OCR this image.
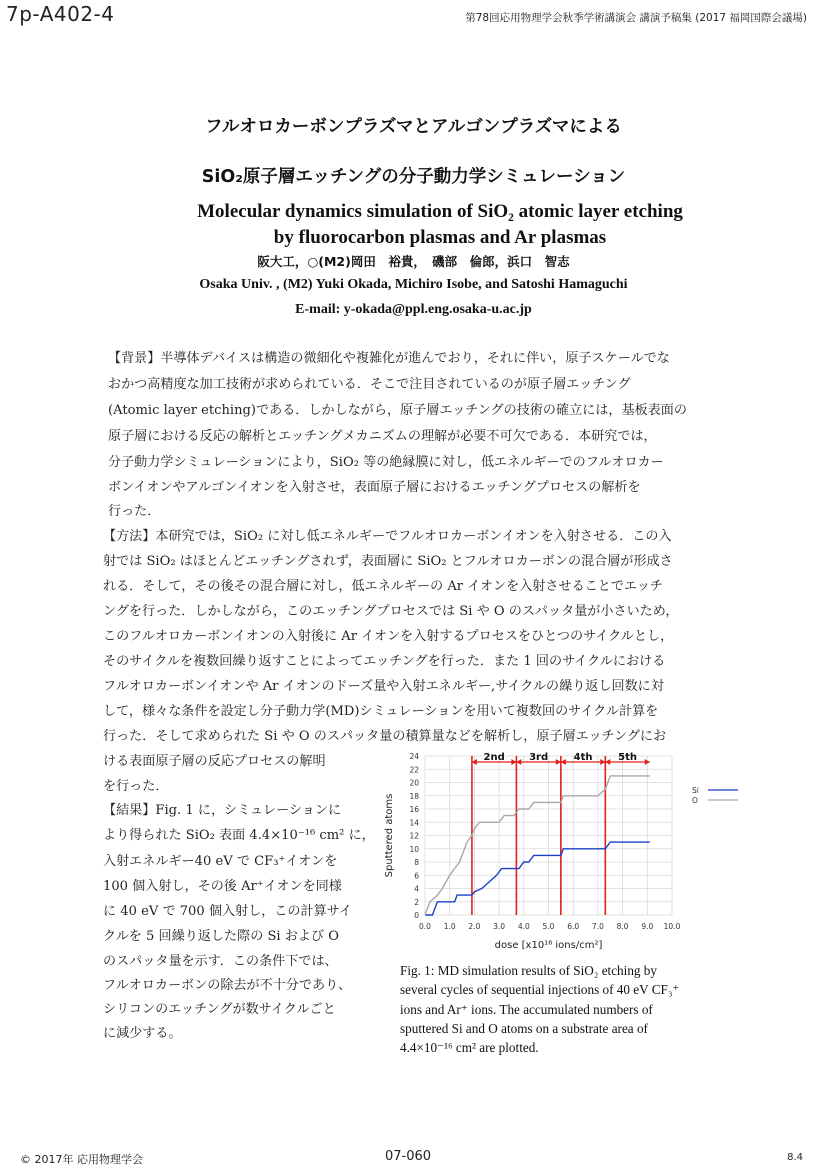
7p-A402-4	第78回応用物理学会秋季学術講演会 講演予稿集 (2017 福岡国際会議場)
フルオロカーボンプラズマとアルゴンプラズマによる
SiO₂原子層エッチングの分子動力学シミュレーション
Molecular dynamics simulation of SiO₂ atomic layer etching
by fluorocarbon plasmas and Ar plasmas
阪大工，○(M2)岡田　裕貴，　磯部　倫郎，浜口　智志
Osaka Univ. , (M2) Yuki Okada, Michiro Isobe, and Satoshi Hamaguchi
E-mail: y-okada@ppl.eng.osaka-u.ac.jp
【背景】半導体デバイスは構造の微細化や複雑化が進んでおり，それに伴い，原子スケールでな
おかつ高精度な加工技術が求められている．そこで注目されているのが原子層エッチング
(Atomic layer etching)である．しかしながら，原子層エッチングの技術の確立には，基板表面の
原子層における反応の解析とエッチングメカニズムの理解が必要不可欠である．本研究では，
分子動力学シミュレーションにより，SiO₂ 等の絶縁膜に対し，低エネルギーでのフルオロカー
ボンイオンやアルゴンイオンを入射させ，表面原子層におけるエッチングプロセスの解析を
行った．
【方法】本研究では，SiO₂ に対し低エネルギーでフルオロカーボンイオンを入射させる．この入
射では SiO₂ はほとんどエッチングされず，表面層に SiO₂ とフルオロカーボンの混合層が形成さ
れる．そして，その後その混合層に対し，低エネルギーの Ar イオンを入射させることでエッチ
ングを行った．しかしながら，このエッチングプロセスでは Si や O のスパッタ量が小さいため，
このフルオロカーボンイオンの入射後に Ar イオンを入射するプロセスをひとつのサイクルとし，
そのサイクルを複数回繰り返すことによってエッチングを行った．また 1 回のサイクルにおける
フルオロカーボンイオンや Ar イオンのドーズ量や入射エネルギー,サイクルの繰り返し回数に対
して，様々な条件を設定し分子動力学(MD)シミュレーションを用いて複数回のサイクル計算を
行った．そして求められた Si や O のスパッタ量の積算量などを解析し，原子層エッチングにお
ける表面原子層の反応プロセスの解明
を行った．
【結果】Fig. 1 に，シミュレーションに
より得られた SiO₂ 表面 4.4×10⁻¹⁶ cm² に，
入射エネルギー40 eV で CF₃⁺イオンを
100 個入射し，その後 Ar⁺イオンを同様
に 40 eV で 700 個入射し，この計算サイ
クルを 5 回繰り返した際の Si および O
のスパッタ量を示す．この条件下では、
フルオロカーボンの除去が不十分であり、
シリコンのエッチングが数サイクルごと
に減少する。
0
2
4
6
8
10
12
14
16
18
20
22
24
0.0 1.0 2.0 3.0 4.0 5.0 6.0 7.0 8.0 9.0 10.0
2nd 3rd	4th	5th
Si
O
dose [x10¹⁶ ions/cm²]
Sputtered atoms
Fig. 1: MD simulation results of SiO₂ etching by
several cycles of sequential injections of 40 eV CF₃⁺
ions and Ar⁺ ions. The accumulated numbers of
sputtered Si and O atoms on a substrate area of
4.4×10⁻¹⁶ cm² are plotted.
© 2017年 応用物理学会	07-060	8.4
